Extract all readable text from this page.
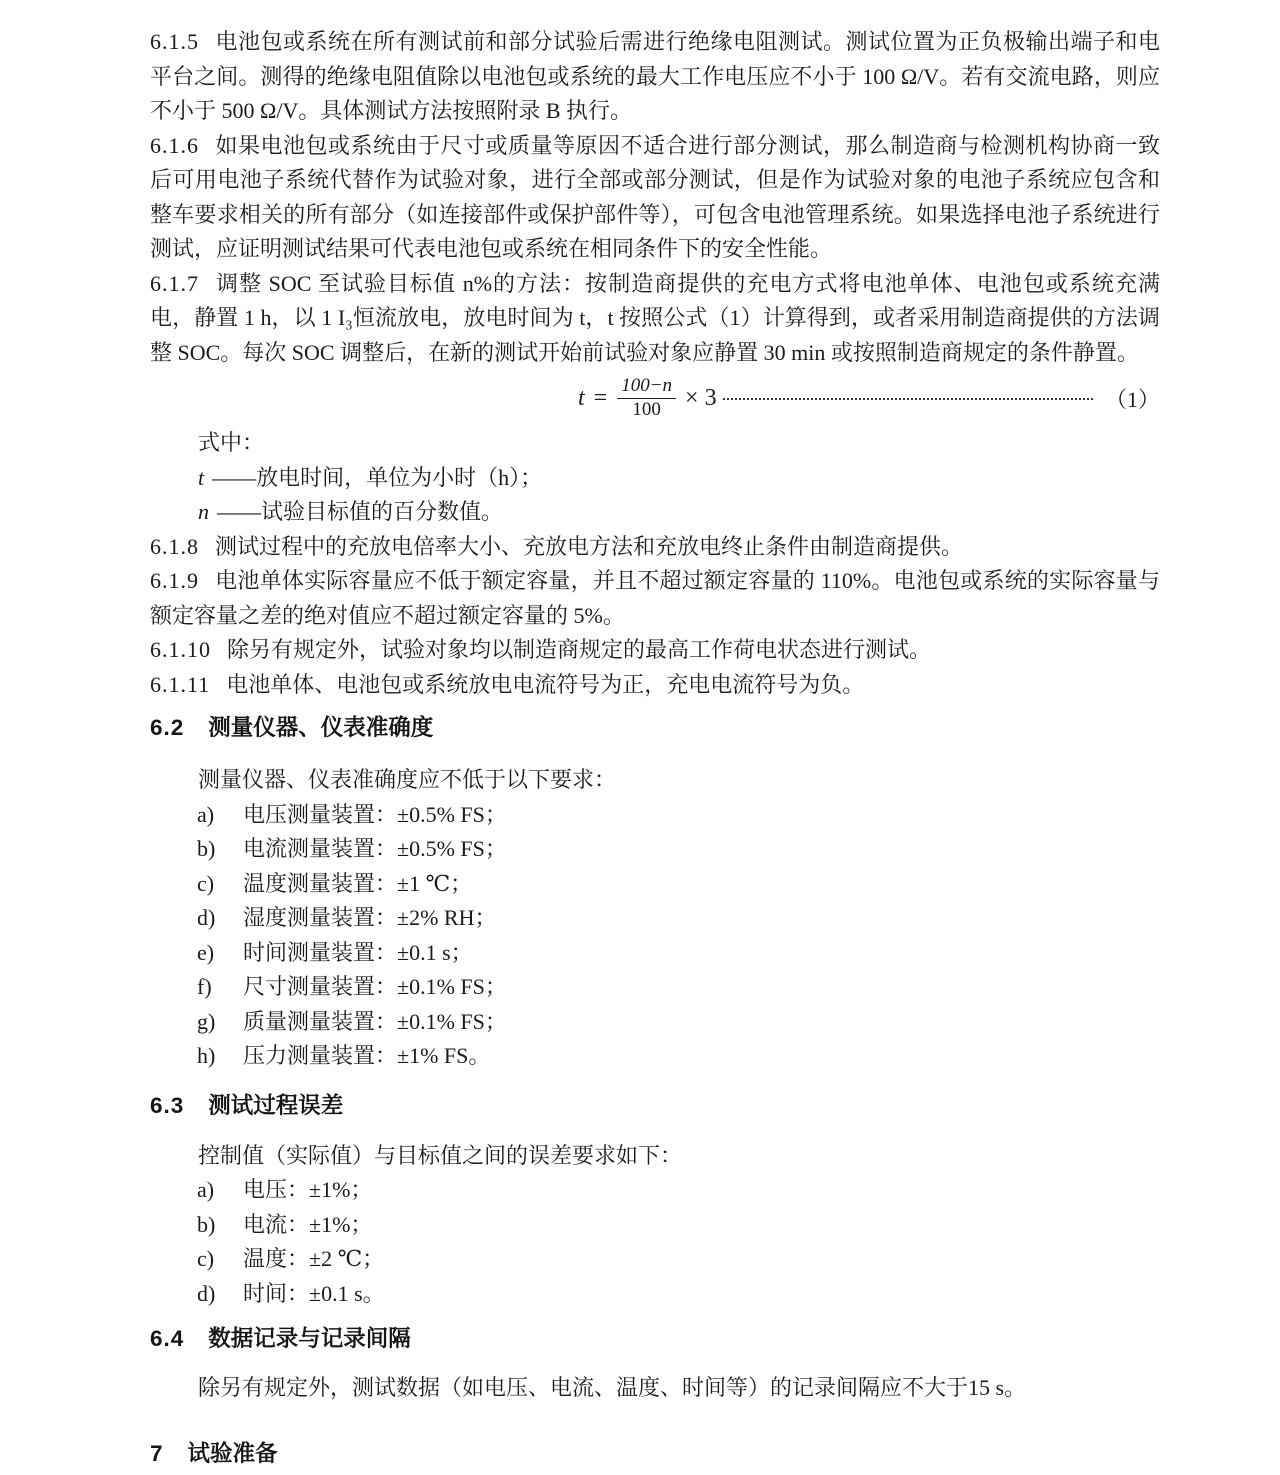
6.1.5 电池包或系统在所有测试前和部分试验后需进行绝缘电阻测试。测试位置为正负极输出端子和电平台之间。测得的绝缘电阻值除以电池包或系统的最大工作电压应不小于 100 Ω/V。若有交流电路，则应不小于 500 Ω/V。具体测试方法按照附录 B 执行。

6.1.6 如果电池包或系统由于尺寸或质量等原因不适合进行部分测试，那么制造商与检测机构协商一致后可用电池子系统代替作为试验对象，进行全部或部分测试，但是作为试验对象的电池子系统应包含和整车要求相关的所有部分（如连接部件或保护部件等），可包含电池管理系统。如果选择电池子系统进行测试，应证明测试结果可代表电池包或系统在相同条件下的安全性能。

6.1.7 调整 SOC 至试验目标值 n%的方法：按制造商提供的充电方式将电池单体、电池包或系统充满电，静置 1 h，以 1 I₃恒流放电，放电时间为 t，t 按照公式（1）计算得到，或者采用制造商提供的方法调整 SOC。每次 SOC 调整后，在新的测试开始前试验对象应静置 30 min 或按照制造商规定的条件静置。

$t = \frac{100-n}{100} \times 3$	（1）

式中：

t ——放电时间，单位为小时（h）；

n ——试验目标值的百分数值。

6.1.8 测试过程中的充放电倍率大小、充放电方法和充放电终止条件由制造商提供。

6.1.9 电池单体实际容量应不低于额定容量，并且不超过额定容量的 110%。电池包或系统的实际容量与额定容量之差的绝对值应不超过额定容量的 5%。

6.1.10 除另有规定外，试验对象均以制造商规定的最高工作荷电状态进行测试。

6.1.11 电池单体、电池包或系统放电电流符号为正，充电电流符号为负。

6.2 测量仪器、仪表准确度

测量仪器、仪表准确度应不低于以下要求：

a)	电压测量装置：±0.5% FS；
b)	电流测量装置：±0.5% FS；
c)	温度测量装置：±1 ℃；
d)	湿度测量装置：±2% RH；
e)	时间测量装置：±0.1 s；
f)	尺寸测量装置：±0.1% FS；
g)	质量测量装置：±0.1% FS；
h)	压力测量装置：±1% FS。
6.3 测试过程误差

控制值（实际值）与目标值之间的误差要求如下：

a)	电压：±1%；
b)	电流：±1%；
c)	温度：±2 ℃；
d)	时间：±0.1 s。
6.4 数据记录与记录间隔

除另有规定外，测试数据（如电压、电流、温度、时间等）的记录间隔应不大于15 s。

7 试验准备
